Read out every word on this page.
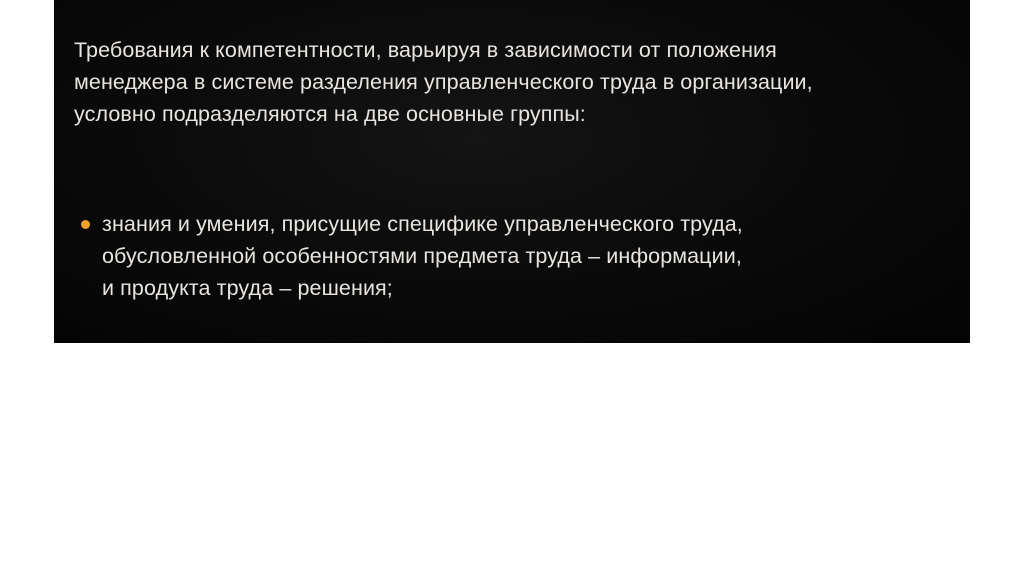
Требования к компетентности, варьируя в зависимости от положения
менеджера в системе разделения управленческого труда в организации,
условно подразделяются на две основные группы:
знания и умения, присущие специфике управленческого труда,
обусловленной особенностями предмета труда – информации,
и продукта труда – решения;
